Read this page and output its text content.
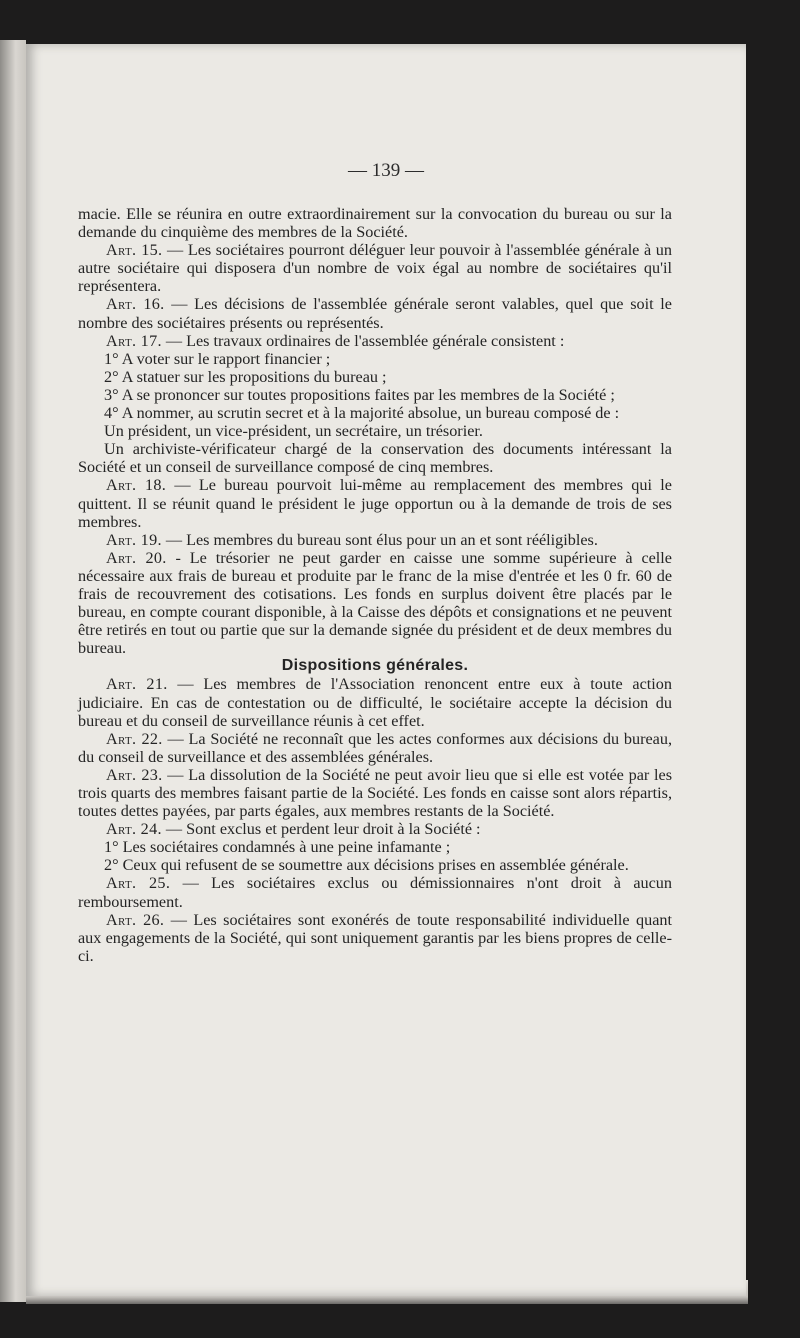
— 139 —

macie. Elle se réunira en outre extraordinairement sur la convocation du bureau ou sur la demande du cinquième des membres de la Société.

Art. 15. — Les sociétaires pourront déléguer leur pouvoir à l'assemblée générale à un autre sociétaire qui disposera d'un nombre de voix égal au nombre de sociétaires qu'il représentera.

Art. 16. — Les décisions de l'assemblée générale seront valables, quel que soit le nombre des sociétaires présents ou représentés.

Art. 17. — Les travaux ordinaires de l'assemblée générale consistent :

1° A voter sur le rapport financier ;

2° A statuer sur les propositions du bureau ;

3° A se prononcer sur toutes propositions faites par les membres de la Société ;

4° A nommer, au scrutin secret et à la majorité absolue, un bureau composé de :

Un président, un vice-président, un secrétaire, un trésorier.

Un archiviste-vérificateur chargé de la conservation des documents intéressant la Société et un conseil de surveillance composé de cinq membres.

Art. 18. — Le bureau pourvoit lui-même au remplacement des membres qui le quittent. Il se réunit quand le président le juge opportun ou à la demande de trois de ses membres.

Art. 19. — Les membres du bureau sont élus pour un an et sont rééligibles.

Art. 20. - Le trésorier ne peut garder en caisse une somme supérieure à celle nécessaire aux frais de bureau et produite par le franc de la mise d'entrée et les 0 fr. 60 de frais de recouvrement des cotisations. Les fonds en surplus doivent être placés par le bureau, en compte courant disponible, à la Caisse des dépôts et consignations et ne peuvent être retirés en tout ou partie que sur la demande signée du président et de deux membres du bureau.

Dispositions générales.

Art. 21. — Les membres de l'Association renoncent entre eux à toute action judiciaire. En cas de contestation ou de difficulté, le sociétaire accepte la décision du bureau et du conseil de surveillance réunis à cet effet.

Art. 22. — La Société ne reconnaît que les actes conformes aux décisions du bureau, du conseil de surveillance et des assemblées générales.

Art. 23. — La dissolution de la Société ne peut avoir lieu que si elle est votée par les trois quarts des membres faisant partie de la Société. Les fonds en caisse sont alors répartis, toutes dettes payées, par parts égales, aux membres restants de la Société.

Art. 24. — Sont exclus et perdent leur droit à la Société :

1° Les sociétaires condamnés à une peine infamante ;

2° Ceux qui refusent de se soumettre aux décisions prises en assemblée générale.

Art. 25. — Les sociétaires exclus ou démissionnaires n'ont droit à aucun remboursement.

Art. 26. — Les sociétaires sont exonérés de toute responsabilité individuelle quant aux engagements de la Société, qui sont uniquement garantis par les biens propres de celle-ci.
